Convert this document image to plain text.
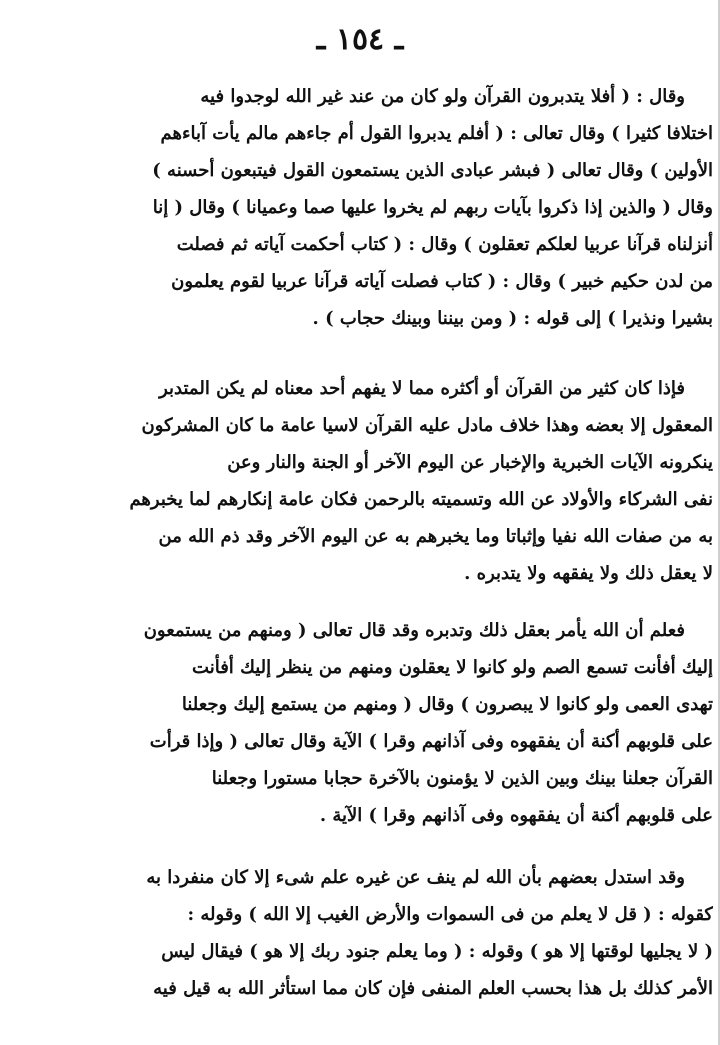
ـ ١٥٤ ـ
وقال : ( أفلا يتدبرون القرآن ولو كان من عند غير الله لوجدوا فيه
اختلافا كثيرا ) وقال تعالى : ( أفلم يدبروا القول أم جاءهم مالم يأت آباءهم
الأولين ) وقال تعالى ( فبشر عبادى الذين يستمعون القول فيتبعون أحسنه )
وقال ( والذين إذا ذكروا بآيات ربهم لم يخروا عليها صما وعميانا ) وقال ( إنا
أنزلناه قرآنا عربيا لعلكم تعقلون ) وقال : ( كتاب أحكمت آياته ثم فصلت
من لدن حكيم خبير ) وقال : ( كتاب فصلت آياته قرآنا عربيا لقوم يعلمون
بشيرا ونذيرا ) إلى قوله : ( ومن بيننا وبينك حجاب ) .
فإذا كان كثير من القرآن أو أكثره مما لا يفهم أحد معناه لم يكن المتدبر
المعقول إلا بعضه وهذا خلاف مادل عليه القرآن لاسيا عامة ما كان المشركون
ينكرونه الآيات الخبرية والإخبار عن اليوم الآخر أو الجنة والنار وعن
نفى الشركاء والأولاد عن الله وتسميته بالرحمن فكان عامة إنكارهم لما يخبرهم
به من صفات الله نفيا وإثباتا وما يخبرهم به عن اليوم الآخر وقد ذم الله من
لا يعقل ذلك ولا يفقهه ولا يتدبره .
فعلم أن الله يأمر بعقل ذلك وتدبره وقد قال تعالى ( ومنهم من يستمعون
إليك أفأنت تسمع الصم ولو كانوا لا يعقلون ومنهم من ينظر إليك أفأنت
تهدى العمى ولو كانوا لا يبصرون ) وقال ( ومنهم من يستمع إليك وجعلنا
على قلوبهم أكنة أن يفقهوه وفى آذانهم وقرا ) الآية وقال تعالى ( وإذا قرأت
القرآن جعلنا بينك وبين الذين لا يؤمنون بالآخرة حجابا مستورا وجعلنا
على قلوبهم أكنة أن يفقهوه وفى آذانهم وقرا ) الآية .
وقد استدل بعضهم بأن الله لم ينف عن غيره علم شىء إلا كان منفردا به
كقوله : ( قل لا يعلم من فى السموات والأرض الغيب إلا الله ) وقوله :
( لا يجليها لوقتها إلا هو ) وقوله : ( وما يعلم جنود ربك إلا هو ) فيقال ليس
الأمر كذلك بل هذا بحسب العلم المنفى فإن كان مما استأثر الله به قيل فيه
